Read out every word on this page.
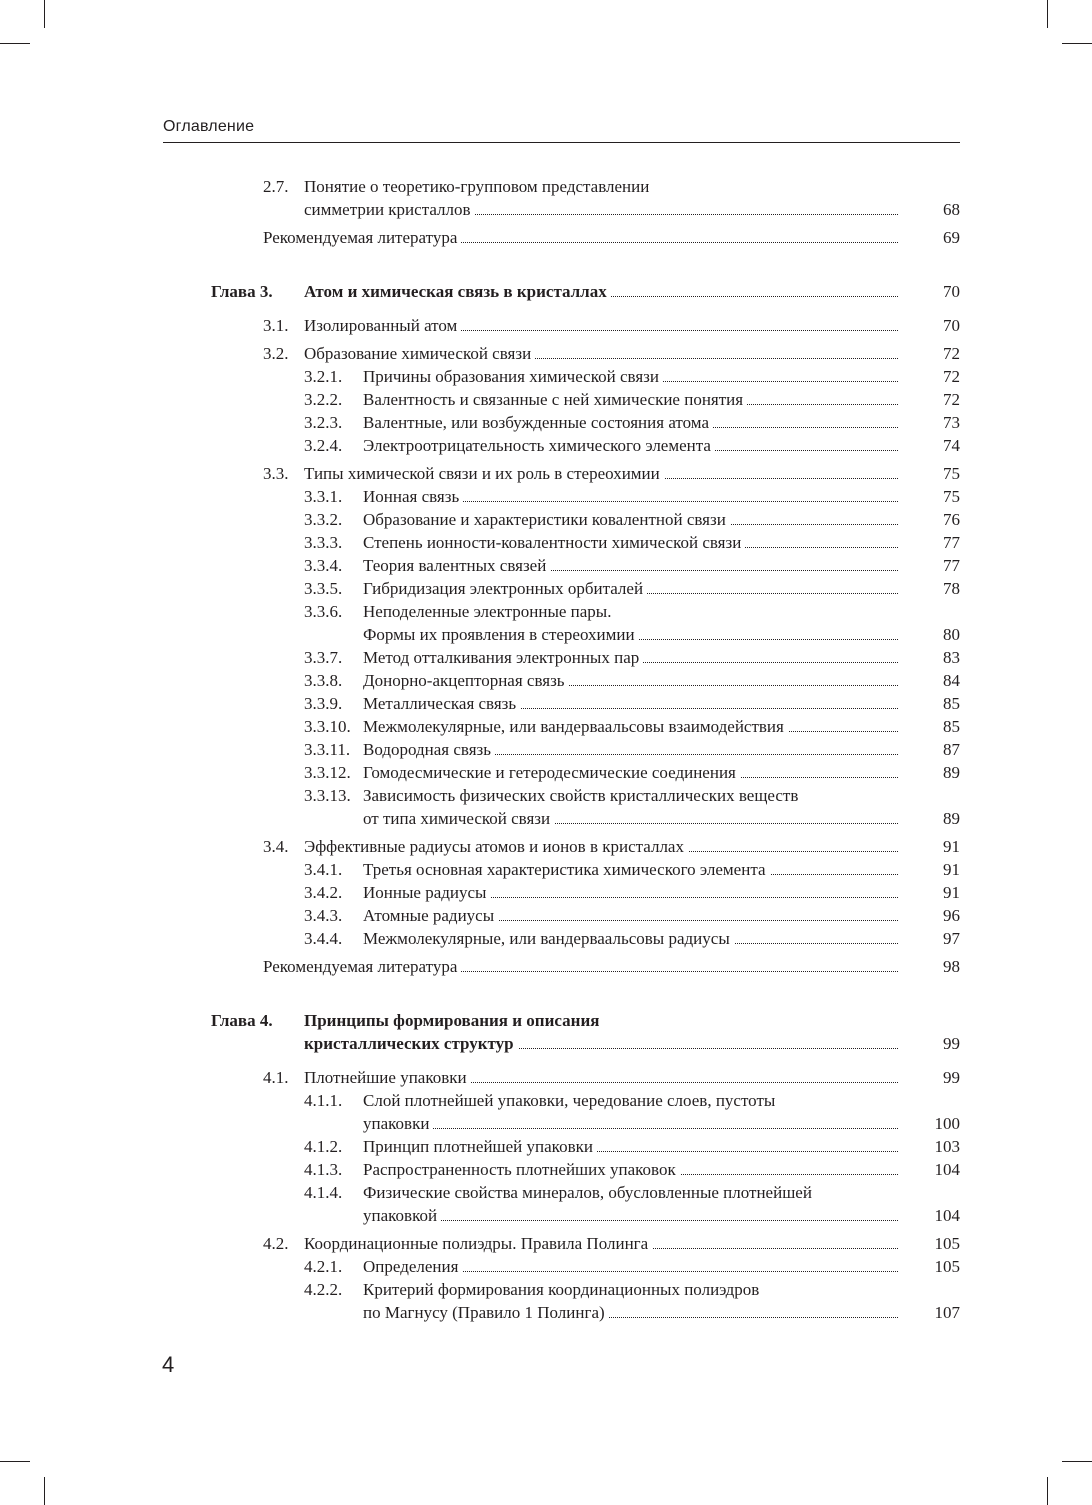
Оглавление
2.7. Понятие о теоретико-групповом представлении
симметрии кристаллов	68
Рекомендуемая литература	69
Глава 3. Атом и химическая связь в кристаллах	70
3.1. Изолированный атом	70
3.2. Образование химической связи	72
3.2.1. Причины образования химической связи	72
3.2.2. Валентность и связанные с ней химические понятия	72
3.2.3. Валентные, или возбужденные состояния атома	73
3.2.4. Электроотрицательность химического элемента	74
3.3. Типы химической связи и их роль в стереохимии	75
3.3.1. Ионная связь	75
3.3.2. Образование и характеристики ковалентной связи	76
3.3.3. Степень ионности-ковалентности химической связи	77
3.3.4. Теория валентных связей	77
3.3.5. Гибридизация электронных орбиталей	78
3.3.6. Неподеленные электронные пары.
Формы их проявления в стереохимии	80
3.3.7. Метод отталкивания электронных пар	83
3.3.8. Донорно-акцепторная связь	84
3.3.9. Металлическая связь	85
3.3.10. Межмолекулярные, или вандерваальсовы взаимодействия	85
3.3.11. Водородная связь	87
3.3.12. Гомодесмические и гетеродесмические соединения	89
3.3.13. Зависимость физических свойств кристаллических веществ
от типа химической связи	89
3.4. Эффективные радиусы атомов и ионов в кристаллах	91
3.4.1. Третья основная характеристика химического элемента	91
3.4.2. Ионные радиусы	91
3.4.3. Атомные радиусы	96
3.4.4. Межмолекулярные, или вандерваальсовы радиусы	97
Рекомендуемая литература	98
Глава 4. Принципы формирования и описания
кристаллических структур	99
4.1. Плотнейшие упаковки	99
4.1.1. Слой плотнейшей упаковки, чередование слоев, пустоты
упаковки	100
4.1.2. Принцип плотнейшей упаковки	103
4.1.3. Распространенность плотнейших упаковок	104
4.1.4. Физические свойства минералов, обусловленные плотнейшей
упаковкой	104
4.2. Координационные полиэдры. Правила Полинга	105
4.2.1. Определения	105
4.2.2. Критерий формирования координационных полиэдров
по Магнусу (Правило 1 Полинга)	107
4
